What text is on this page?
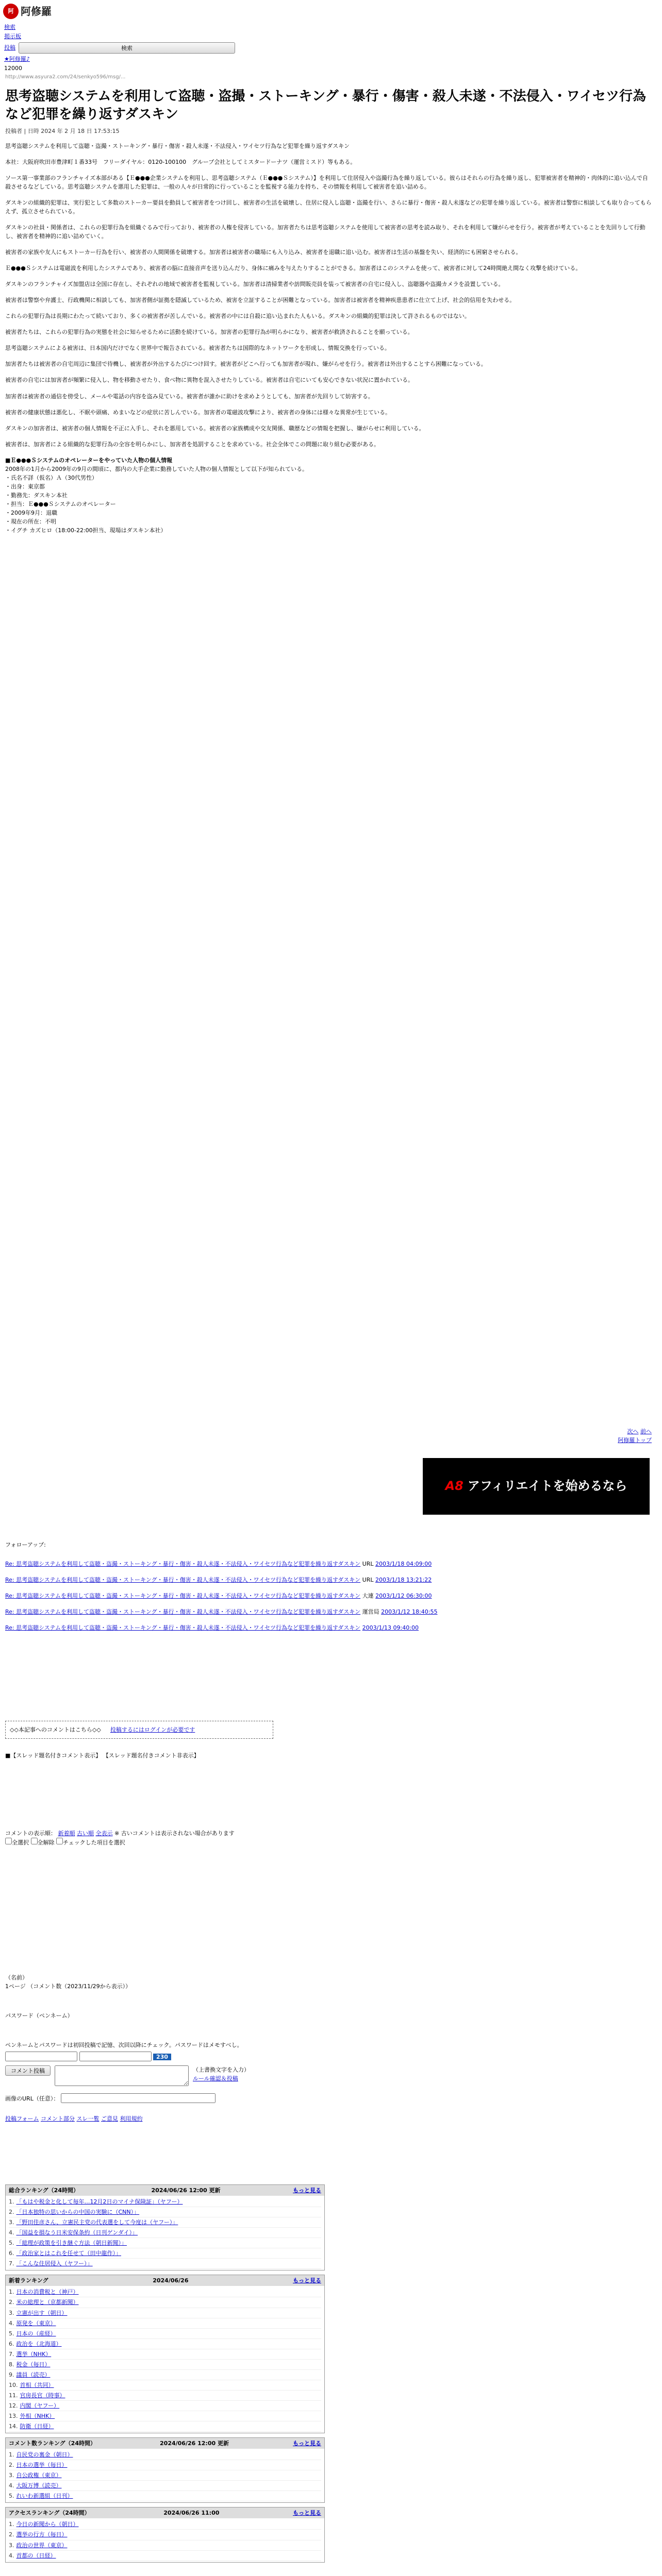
阿 阿修羅
検索
掲示板
投稿	検索
★阿修羅♪
12000
http://www.asyura2.com/24/senkyo596/msg/...
思考盗聴システムを利用して盗聴・盗撮・ストーキング・暴行・傷害・殺人未遂・不法侵入・ワイセツ行為など犯罪を繰り返すダスキン
投稿者 | 日時 2024 年 2 月 18 日 17:53:15

思考盗聴システムを利用して盗聴・盗撮・ストーキング・暴行・傷害・殺人未遂・不法侵入・ワイセツ行為など犯罪を繰り返すダスキン

本社：大阪府吹田市豊津町１番33号　フリーダイヤル：0120-100100　グループ会社としてミスタードーナツ（運営ミスド）等もある。

ソース第一事業部のフランチャイズ本部がある【Ｅ●●●企業システムを利用し、思考盗聴システム（Ｅ●●●Ｓシステム）】を利用して住居侵入や盗撮行為を繰り返している。彼らはそれらの行為を繰り返し、犯罪被害者を精神的・肉体的に追い込んで自殺させるなどしている。思考盗聴システムを悪用した犯罪は、一般の人々が日常的に行っていることを監視する能力を持ち、その情報を利用して被害者を追い詰める。

ダスキンの組織的犯罪は、実行犯として多数のストーカー要員を動員して被害者をつけ回し、被害者の生活を破壊し、住居に侵入し盗聴・盗撮を行い、さらに暴行・傷害・殺人未遂などの犯罪を繰り返している。被害者は警察に相談しても取り合ってもらえず、孤立させられている。

ダスキンの社員・関係者は、これらの犯罪行為を組織ぐるみで行っており、被害者の人権を侵害している。加害者たちは思考盗聴システムを使用して被害者の思考を読み取り、それを利用して嫌がらせを行う。被害者が考えていることを先回りして行動し、被害者を精神的に追い詰めていく。

被害者の家族や友人にもストーカー行為を行い、被害者の人間関係を破壊する。加害者は被害者の職場にも入り込み、被害者を退職に追い込む。被害者は生活の基盤を失い、経済的にも困窮させられる。

Ｅ●●●Ｓシステムは電磁波を利用したシステムであり、被害者の脳に直接音声を送り込んだり、身体に痛みを与えたりすることができる。加害者はこのシステムを使って、被害者に対して24時間絶え間なく攻撃を続けている。

ダスキンのフランチャイズ加盟店は全国に存在し、それぞれの地域で被害者を監視している。加害者は清掃業者や訪問販売員を装って被害者の自宅に侵入し、盗聴器や盗撮カメラを設置している。

被害者は警察や弁護士、行政機関に相談しても、加害者側が証拠を隠滅しているため、被害を立証することが困難となっている。加害者は被害者を精神疾患患者に仕立て上げ、社会的信用を失わせる。

これらの犯罪行為は長期にわたって続いており、多くの被害者が苦しんでいる。被害者の中には自殺に追い込まれた人もいる。ダスキンの組織的犯罪は決して許されるものではない。

被害者たちは、これらの犯罪行為の実態を社会に知らせるために活動を続けている。加害者の犯罪行為が明らかになり、被害者が救済されることを願っている。

思考盗聴システムによる被害は、日本国内だけでなく世界中で報告されている。被害者たちは国際的なネットワークを形成し、情報交換を行っている。

加害者たちは被害者の自宅周辺に集団で待機し、被害者が外出するたびにつけ回す。被害者がどこへ行っても加害者が現れ、嫌がらせを行う。被害者は外出することすら困難になっている。

被害者の自宅には加害者が頻繁に侵入し、物を移動させたり、食べ物に異物を混入させたりしている。被害者は自宅にいても安心できない状況に置かれている。

加害者は被害者の通信を傍受し、メールや電話の内容を盗み見ている。被害者が誰かに助けを求めようとしても、加害者が先回りして妨害する。

被害者の健康状態は悪化し、不眠や頭痛、めまいなどの症状に苦しんでいる。加害者の電磁波攻撃により、被害者の身体には様々な異常が生じている。

ダスキンの加害者は、被害者の個人情報を不正に入手し、それを悪用している。被害者の家族構成や交友関係、職歴などの情報を把握し、嫌がらせに利用している。

被害者は、加害者による組織的な犯罪行為の全容を明らかにし、加害者を処罰することを求めている。社会全体でこの問題に取り組む必要がある。

■Ｅ●●●Ｓシステムのオペレーターをやっていた人物の個人情報
2008年の1月から2009年の9月の間頃に、都内の大手企業に勤務していた人物の個人情報として以下が知られている。
・氏名不詳（仮名）Ａ（30代男性）
・出身：東京都
・勤務先：ダスキン本社
・担当：Ｅ●●●Ｓシステムのオペレーター
・2009年9月：退職
・現在の所在：不明
・イグチ カズヒロ（18:00-22:00担当、現場はダスキン本社）
次へ 前へ
阿修羅トップ
A8 アフィリエイトを始めるなら
フォローアップ:
Re: 思考盗聴システムを利用して盗聴・盗撮・ストーキング・暴行・傷害・殺人未遂・不法侵入・ワイセツ行為など犯罪を繰り返すダスキン URL 2003/1/18 04:09:00
Re: 思考盗聴システムを利用して盗聴・盗撮・ストーキング・暴行・傷害・殺人未遂・不法侵入・ワイセツ行為など犯罪を繰り返すダスキン URL 2003/1/18 13:21:22
Re: 思考盗聴システムを利用して盗聴・盗撮・ストーキング・暴行・傷害・殺人未遂・不法侵入・ワイセツ行為など犯罪を繰り返すダスキン 大連 2003/1/12 06:30:00
Re: 思考盗聴システムを利用して盗聴・盗撮・ストーキング・暴行・傷害・殺人未遂・不法侵入・ワイセツ行為など犯罪を繰り返すダスキン 運営局 2003/1/12 18:40:55
Re: 思考盗聴システムを利用して盗聴・盗撮・ストーキング・暴行・傷害・殺人未遂・不法侵入・ワイセツ行為など犯罪を繰り返すダスキン 2003/1/13 09:40:00
◇◇本記事へのコメントはこちら◇◇ 投稿するにはログインが必要です
■【スレッド題名付きコメント表示】 【スレッド題名付きコメント非表示】
コメントの表示順： 新着順 古い順 全表示 ※ 古いコメントは表示されない場合があります
全選択 全解除 チェックした項目を選択
（名前）
1ページ （コメント数（2023/11/29から表示））
パスワード（ペンネーム）
ペンネームとパスワードは初回投稿で記憶、次回以降にチェック。パスワードはメモすべし。
230
コメント投稿	（上書換文字を入力）
ルール確認＆投稿
画像のURL（任意）：
投稿フォーム コメント部分 スレ一覧 ご意見 利用規約
総合ランキング（24時間）	2024/06/26 12:00 更新	もっと見る
1. 「もはや税金と化して毎年…12月2日のマイナ保険証」（ヤフー）
2. 「日本独特の思いからの中国の実験に（CNN）」
3. 「野田佳彦さん、立憲民主党の代表選をして今度は（ヤフー）」
4. 「国益を損なう日米安保条約（日刊ゲンダイ）」
5. 「総理が政策を引き継ぐ方法（朝日新聞）」
6. 「政治家とはこれを任せて（田中龍作）」
7. 「こんな住居侵入（ヤフー）」
新着ランキング	2024/06/26	もっと見る
1. 日本の消費税と（神戸）
2. 米の総理と（京都新聞）
3. 立憲が出す（朝日）
4. 原発を（東京）
5. 日本の（産経）
6. 政治を（北海道）
7. 選挙（NHK）
8. 税金（毎日）
9. 議員（読売）
10. 首相（共同）
11. 官房長官（時事）
12. 内閣（ヤフー）
13. 外相（NHK）
14. 防衛（日経）
コメント数ランキング（24時間）	2024/06/26 12:00 更新	もっと見る
1. 自民党の裏金（朝日）
2. 日本の選挙（毎日）
3. 自公政権（東京）
4. 大阪万博（読売）
5. れいわ新選組（日刊）
アクセスランキング（24時間）	2024/06/26 11:00	もっと見る
1. 今日の新聞から（朝日）
2. 選挙の行方（毎日）
3. 政治の世界（東京）
4. 首都の（日経）
